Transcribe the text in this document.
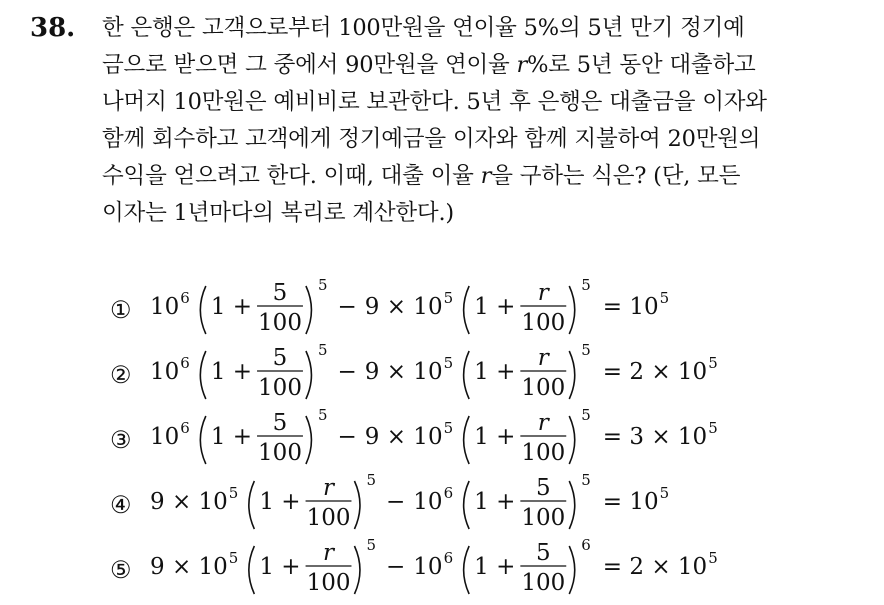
38. 한 은행은 고객으로부터 100만원을 연이율 5%의 5년 만기 정기예
금으로 받으면 그 중에서 90만원을 연이율 r%로 5년 동안 대출하고
나머지 10만원은 예비비로 보관한다. 5년 후 은행은 대출금을 이자와
함께 회수하고 고객에게 정기예금을 이자와 함께 지불하여 20만원의
수익을 얻으려고 한다. 이때, 대출 이율 r을 구하는 식은? (단, 모든
이자는 1년마다의 복리로 계산한다.)
① 10 6 1 +
5
100
5
− 9 × 10 5 1 +
r
100
5
= 10 5
② 10 6 1 +
5
100
5
− 9 × 10 5 1 +
r
100
5
= 2 × 10 5
③ 10 6 1 +
5
100
5
− 9 × 10 5 1 +
r
100
5
= 3 × 10 5
④ 9 × 10 5 1 +
r
100
5
− 10 6 1 +
5
100
5
= 10 5
⑤ 9 × 10 5 1 +
r
100
5
− 10 6 1 +
5
100
6
= 2 × 10 5
